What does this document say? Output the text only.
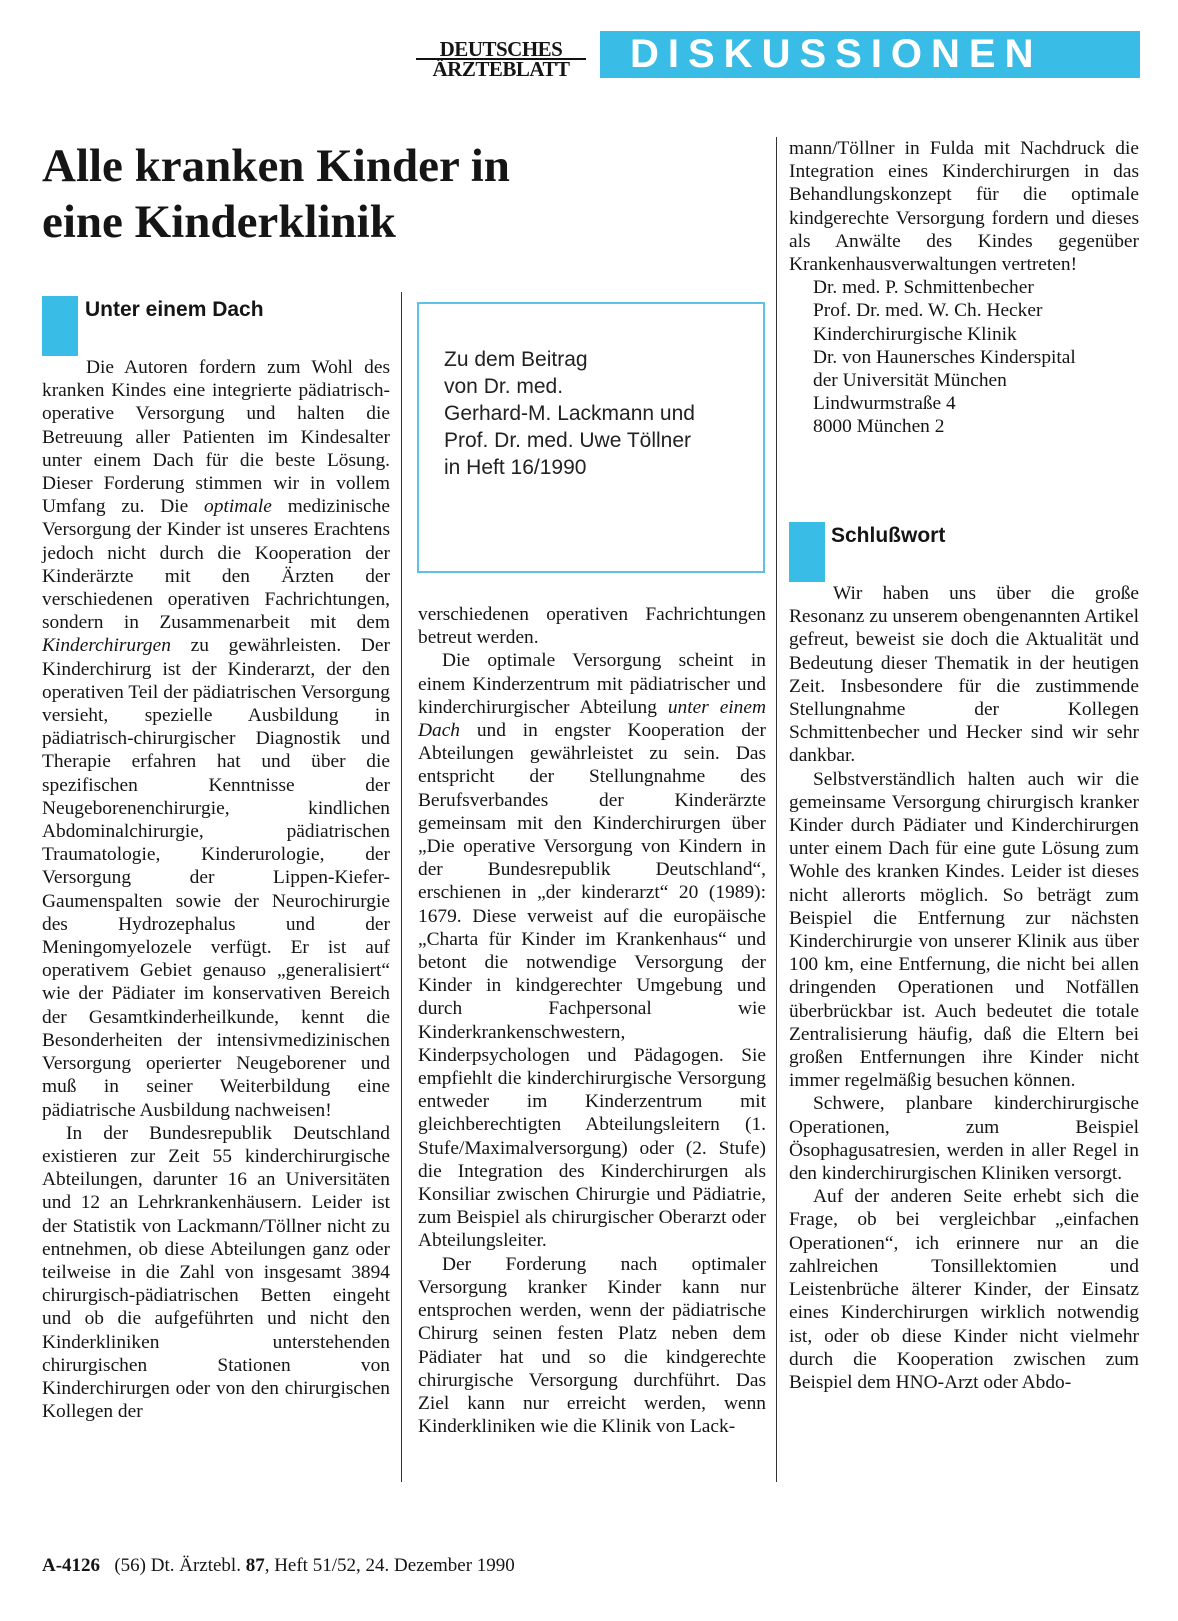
DEUTSCHES
ÄRZTEBLATT	DISKUSSIONEN
Alle kranken Kinder in
eine Kinderklinik
Unter einem Dach

Die Autoren fordern zum Wohl des kranken Kindes eine integrierte pädiatrisch-operative Versorgung und halten die Betreuung aller Patienten im Kindesalter unter einem Dach für die beste Lösung. Dieser Forderung stimmen wir in vollem Umfang zu. Die optimale medizinische Versorgung der Kinder ist unseres Erachtens jedoch nicht durch die Kooperation der Kinderärzte mit den Ärzten der verschiedenen operativen Fachrichtungen, sondern in Zusammenarbeit mit dem Kinderchirurgen zu gewährleisten. Der Kinderchirurg ist der Kinderarzt, der den operativen Teil der pädiatrischen Versorgung versieht, spezielle Ausbildung in pädiatrisch-chirurgischer Diagnostik und Therapie erfahren hat und über die spezifischen Kenntnisse der Neugeborenenchirurgie, kindlichen Abdominalchirurgie, pädiatrischen Traumatologie, Kinderurologie, der Versorgung der Lippen-Kiefer-Gaumenspalten sowie der Neurochirurgie des Hydrozephalus und der Meningomyelozele verfügt. Er ist auf operativem Gebiet genauso „generalisiert“ wie der Pädiater im konservativen Bereich der Gesamtkinderheilkunde, kennt die Besonderheiten der intensivmedizinischen Versorgung operierter Neugeborener und muß in seiner Weiterbildung eine pädiatrische Ausbildung nachweisen!

In der Bundesrepublik Deutschland existieren zur Zeit 55 kinderchirurgische Abteilungen, darunter 16 an Universitäten und 12 an Lehrkrankenhäusern. Leider ist der Statistik von Lackmann/Töllner nicht zu entnehmen, ob diese Abteilungen ganz oder teilweise in die Zahl von insgesamt 3894 chirurgisch-pädiatrischen Betten eingeht und ob die aufgeführten und nicht den Kinderkliniken unterstehenden chirurgischen Stationen von Kinderchirurgen oder von den chirurgischen Kollegen der

Zu dem Beitrag
von Dr. med.
Gerhard-M. Lackmann und
Prof. Dr. med. Uwe Töllner
in Heft 16/1990

verschiedenen operativen Fachrichtungen betreut werden.

Die optimale Versorgung scheint in einem Kinderzentrum mit pädiatrischer und kinderchirurgischer Abteilung unter einem Dach und in engster Kooperation der Abteilungen gewährleistet zu sein. Das entspricht der Stellungnahme des Berufsverbandes der Kinderärzte gemeinsam mit den Kinderchirurgen über „Die operative Versorgung von Kindern in der Bundesrepublik Deutschland“, erschienen in „der kinderarzt“ 20 (1989): 1679. Diese verweist auf die europäische „Charta für Kinder im Krankenhaus“ und betont die notwendige Versorgung der Kinder in kindgerechter Umgebung und durch Fachpersonal wie Kinderkrankenschwestern, Kinderpsychologen und Pädagogen. Sie empfiehlt die kinderchirurgische Versorgung entweder im Kinderzentrum mit gleichberechtigten Abteilungsleitern (1. Stufe/Maximalversorgung) oder (2. Stufe) die Integration des Kinderchirurgen als Konsiliar zwischen Chirurgie und Pädiatrie, zum Beispiel als chirurgischer Oberarzt oder Abteilungsleiter.

Der Forderung nach optimaler Versorgung kranker Kinder kann nur entsprochen werden, wenn der pädiatrische Chirurg seinen festen Platz neben dem Pädiater hat und so die kindgerechte chirurgische Versorgung durchführt. Das Ziel kann nur erreicht werden, wenn Kinderkliniken wie die Klinik von Lack-

mann/Töllner in Fulda mit Nachdruck die Integration eines Kinderchirurgen in das Behandlungskonzept für die optimale kindgerechte Versorgung fordern und dieses als Anwälte des Kindes gegenüber Krankenhausverwaltungen vertreten!

Dr. med. P. Schmittenbecher
Prof. Dr. med. W. Ch. Hecker
Kinderchirurgische Klinik
Dr. von Haunersches Kinderspital
der Universität München
Lindwurmstraße 4
8000 München 2
Schlußwort

Wir haben uns über die große Resonanz zu unserem obengenannten Artikel gefreut, beweist sie doch die Aktualität und Bedeutung dieser Thematik in der heutigen Zeit. Insbesondere für die zustimmende Stellungnahme der Kollegen Schmittenbecher und Hecker sind wir sehr dankbar.

Selbstverständlich halten auch wir die gemeinsame Versorgung chirurgisch kranker Kinder durch Pädiater und Kinderchirurgen unter einem Dach für eine gute Lösung zum Wohle des kranken Kindes. Leider ist dieses nicht allerorts möglich. So beträgt zum Beispiel die Entfernung zur nächsten Kinderchirurgie von unserer Klinik aus über 100 km, eine Entfernung, die nicht bei allen dringenden Operationen und Notfällen überbrückbar ist. Auch bedeutet die totale Zentralisierung häufig, daß die Eltern bei großen Entfernungen ihre Kinder nicht immer regelmäßig besuchen können.

Schwere, planbare kinderchirurgische Operationen, zum Beispiel Ösophagusatresien, werden in aller Regel in den kinderchirurgischen Kliniken versorgt.

Auf der anderen Seite erhebt sich die Frage, ob bei vergleichbar „einfachen Operationen“, ich erinnere nur an die zahlreichen Tonsillektomien und Leistenbrüche älterer Kinder, der Einsatz eines Kinderchirurgen wirklich notwendig ist, oder ob diese Kinder nicht vielmehr durch die Kooperation zwischen zum Beispiel dem HNO-Arzt oder Abdo-

A-4126 (56) Dt. Ärztebl. 87, Heft 51/52, 24. Dezember 1990
